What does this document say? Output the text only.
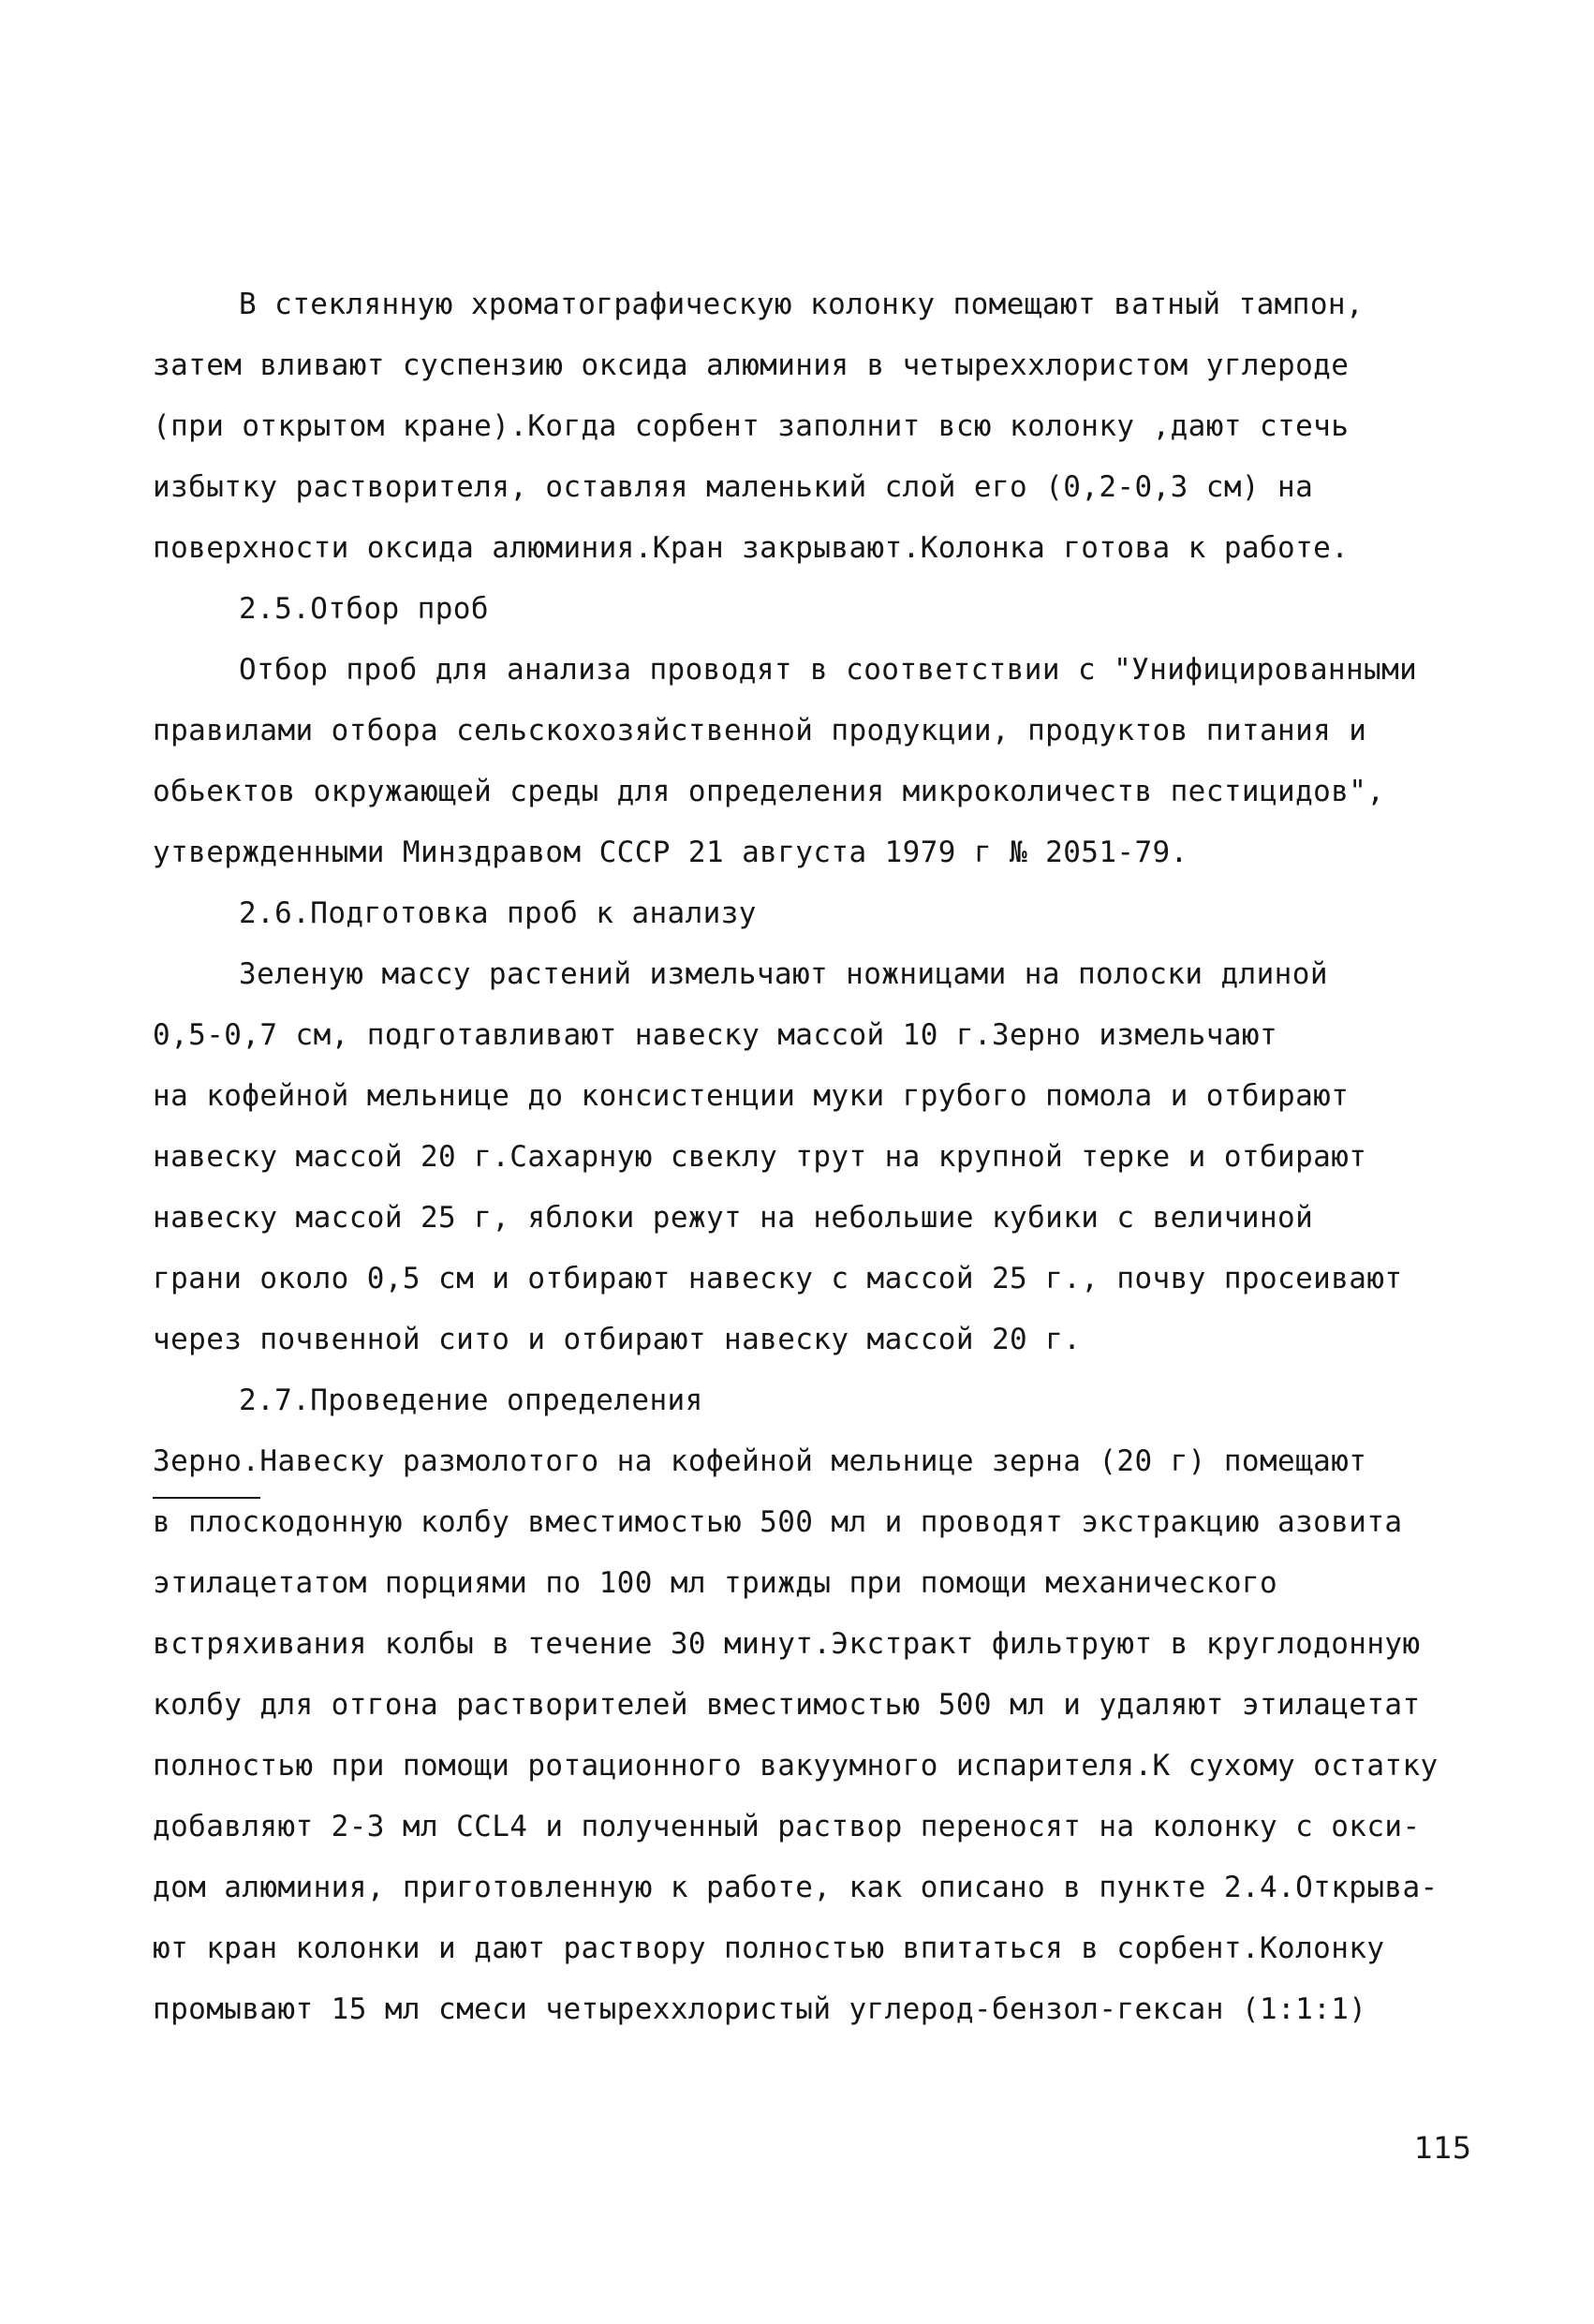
В стеклянную хроматографическую колонку помещают ватный тампон,
затем вливают суспензию оксида алюминия в четыреххлористом углероде
(при открытом кране).Когда сорбент заполнит всю колонку ,дают стечь
избытку растворителя, оставляя маленький слой его (0,2-0,3 см) на
поверхности оксида алюминия.Кран закрывают.Колонка готова к работе.
2.5.Отбор проб
Отбор проб для анализа проводят в соответствии с "Унифицированными
правилами отбора сельскохозяйственной продукции, продуктов питания и
обьектов окружающей среды для определения микроколичеств пестицидов",
утвержденными Минздравом СССР 21 августа 1979 г № 2051-79.
2.6.Подготовка проб к анализу
Зеленую массу растений измельчают ножницами на полоски длиной
0,5-0,7 см, подготавливают навеску массой 10 г.Зерно измельчают
на кофейной мельнице до консистенции муки грубого помола и отбирают
навеску массой 20 г.Сахарную свеклу трут на крупной терке и отбирают
навеску массой 25 г, яблоки режут на небольшие кубики с величиной
грани около 0,5 см и отбирают навеску с массой 25 г., почву просеивают
через почвенной сито и отбирают навеску массой 20 г.
2.7.Проведение определения
Зерно.Навеску размолотого на кофейной мельнице зерна (20 г) помещают
в плоскодонную колбу вместимостью 500 мл и проводят экстракцию азовита
этилацетатом порциями по 100 мл трижды при помощи механического
встряхивания колбы в течение 30 минут.Экстракт фильтруют в круглодонную
колбу для отгона растворителей вместимостью 500 мл и удаляют этилацетат
полностью при помощи ротационного вакуумного испарителя.К сухому остатку
добавляют 2-3 мл CCL4 и полученный раствор переносят на колонку с окси-
дом алюминия, приготовленную к работе, как описано в пункте 2.4.Открыва-
ют кран колонки и дают раствору полностью впитаться в сорбент.Колонку
промывают 15 мл смеси четыреххлористый углерод-бензол-гексан (1:1:1)
115
